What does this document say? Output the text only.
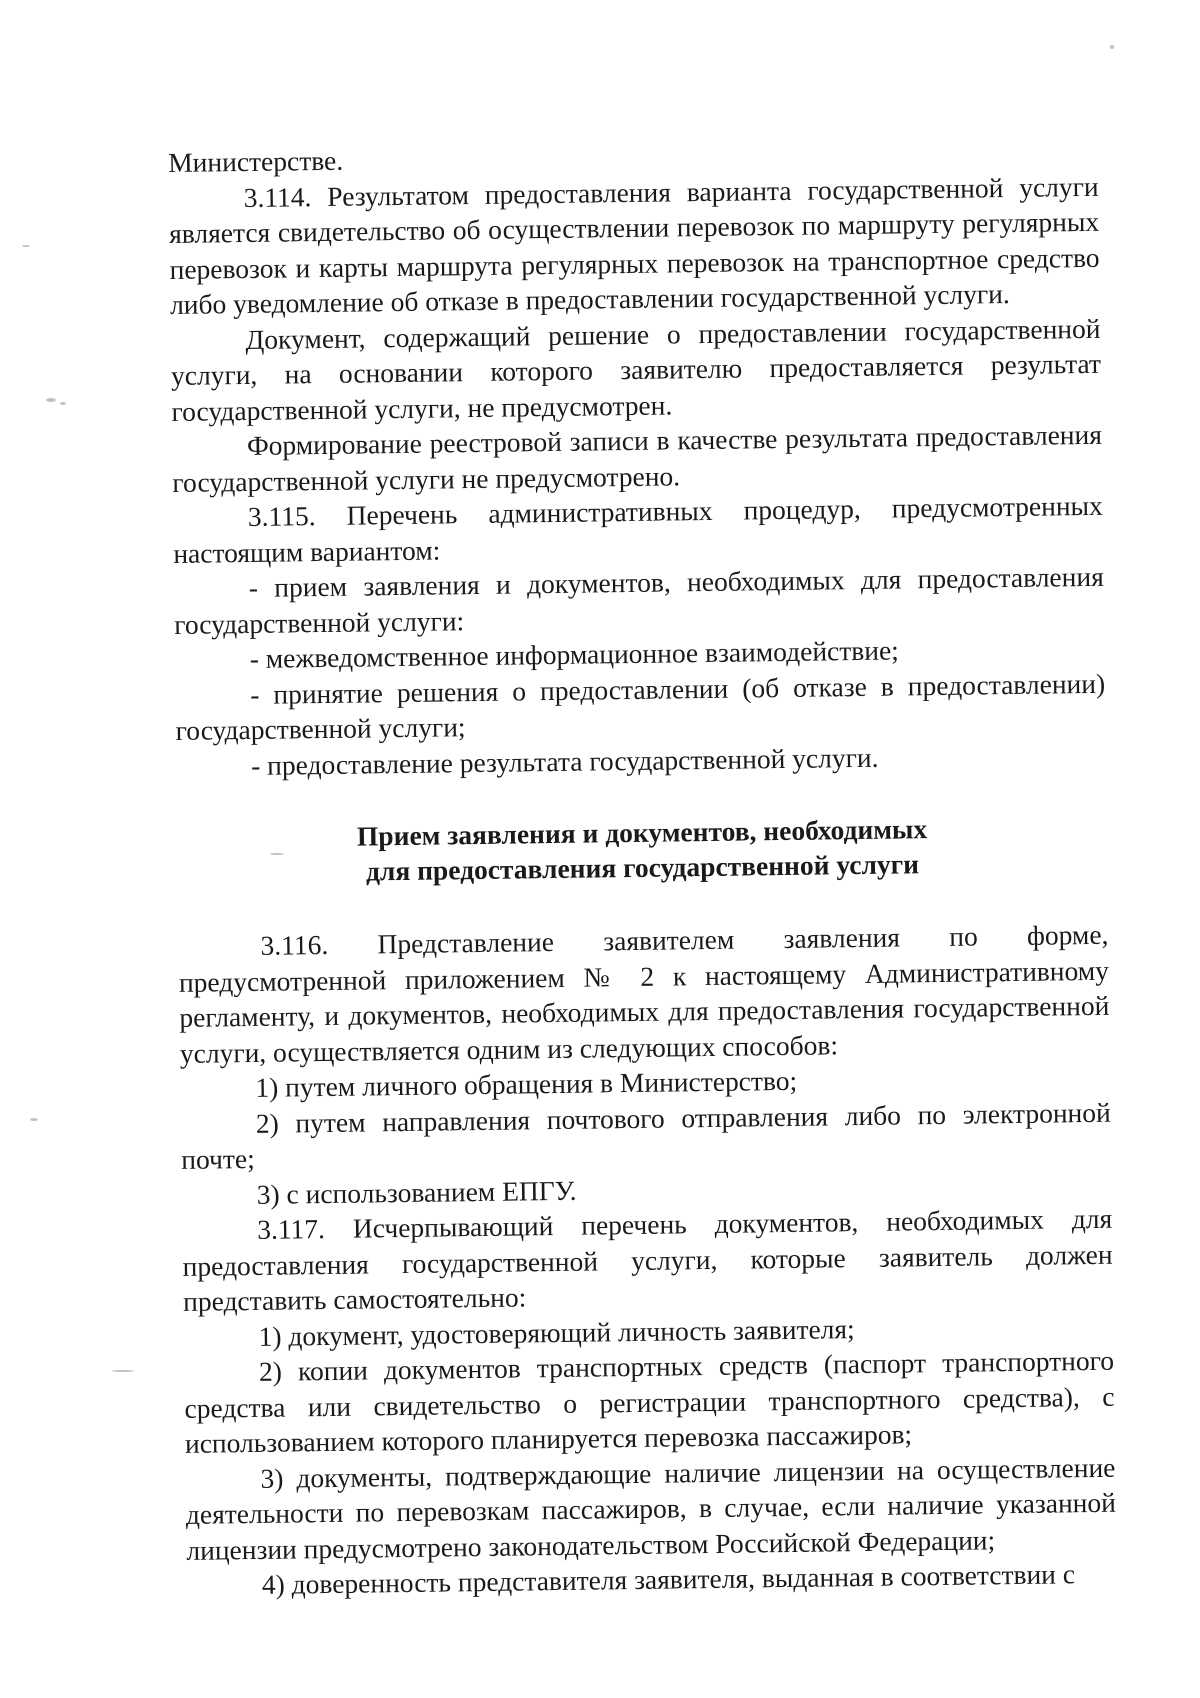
Министерстве.

3.114. Результатом предоставления варианта государственной услуги является свидетельство об осуществлении перевозок по маршруту регулярных перевозок и карты маршрута регулярных перевозок на транспортное средство либо уведомление об отказе в предоставлении государственной услуги.

Документ, содержащий решение о предоставлении государственной услуги, на основании которого заявителю предоставляется результат государственной услуги, не предусмотрен.

Формирование реестровой записи в качестве результата предоставления государственной услуги не предусмотрено.

3.115. Перечень административных процедур, предусмотренных настоящим вариантом:

- прием заявления и документов, необходимых для предоставления государственной услуги:

- межведомственное информационное взаимодействие;

- принятие решения о предоставлении (об отказе в предоставлении) государственной услуги;

- предоставление результата государственной услуги.

Прием заявления и документов, необходимых
для предоставления государственной услуги

3.116. Представление заявителем заявления по форме, предусмотренной приложением № 2 к настоящему Административному регламенту, и документов, необходимых для предоставления государственной услуги, осуществляется одним из следующих способов:

1) путем личного обращения в Министерство;

2) путем направления почтового отправления либо по электронной почте;

3) с использованием ЕПГУ.

3.117. Исчерпывающий перечень документов, необходимых для предоставления государственной услуги, которые заявитель должен представить самостоятельно:

1) документ, удостоверяющий личность заявителя;

2) копии документов транспортных средств (паспорт транспортного средства или свидетельство о регистрации транспортного средства), с использованием которого планируется перевозка пассажиров;

3) документы, подтверждающие наличие лицензии на осуществление деятельности по перевозкам пассажиров, в случае, если наличие указанной лицензии предусмотрено законодательством Российской Федерации;

4) доверенность представителя заявителя, выданная в соответствии с
